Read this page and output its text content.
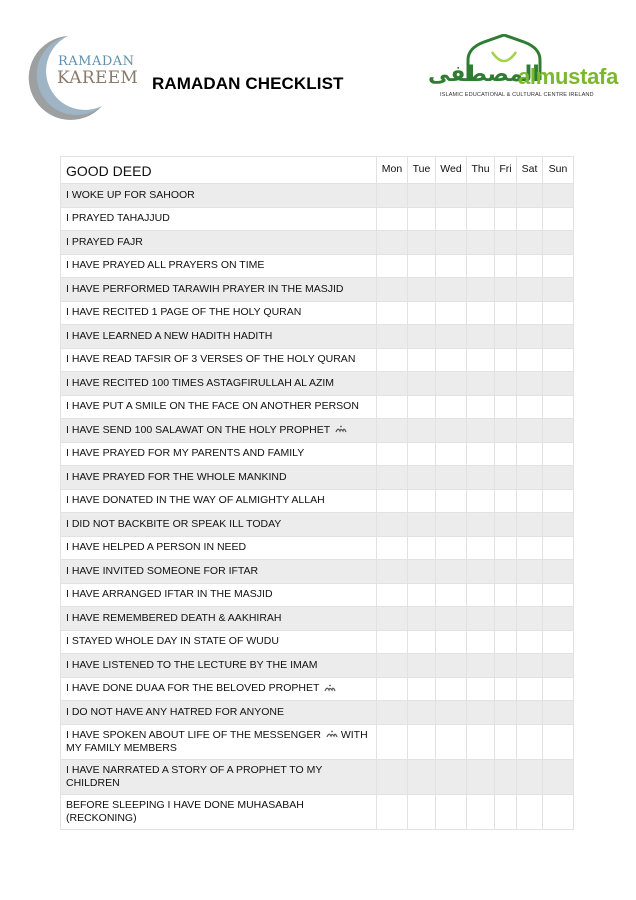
RAMADAN
KAREEM RAMADAN CHECKLIST	المصطفى
almustafa
ISLAMIC EDUCATIONAL & CULTURAL CENTRE IRELAND
GOOD DEED	Mon	Tue	Wed	Thu	Fri	Sat	Sun
I WOKE UP FOR SAHOOR							
I PRAYED TAHAJJUD							
I PRAYED FAJR							
I HAVE PRAYED ALL PRAYERS ON TIME							
I HAVE PERFORMED TARAWIH PRAYER IN THE MASJID							
I HAVE RECITED 1 PAGE OF THE HOLY QURAN							
I HAVE LEARNED A NEW HADITH HADITH							
I HAVE READ TAFSIR OF 3 VERSES OF THE HOLY QURAN							
I HAVE RECITED 100 TIMES ASTAGFIRULLAH AL AZIM							
I HAVE PUT A SMILE ON THE FACE ON ANOTHER PERSON							
I HAVE SEND 100 SALAWAT ON THE HOLY PROPHET							
I HAVE PRAYED FOR MY PARENTS AND FAMILY							
I HAVE PRAYED FOR THE WHOLE MANKIND							
I HAVE DONATED IN THE WAY OF ALMIGHTY ALLAH							
I DID NOT BACKBITE OR SPEAK ILL TODAY							
I HAVE HELPED A PERSON IN NEED							
I HAVE INVITED SOMEONE FOR IFTAR							
I HAVE ARRANGED IFTAR IN THE MASJID							
I HAVE REMEMBERED DEATH & AAKHIRAH							
I STAYED WHOLE DAY IN STATE OF WUDU							
I HAVE LISTENED TO THE LECTURE BY THE IMAM							
I HAVE DONE DUAA FOR THE BELOVED PROPHET							
I DO NOT HAVE ANY HATRED FOR ANYONE							
I HAVE SPOKEN ABOUT LIFE OF THE MESSENGER WITH MY FAMILY MEMBERS							
I HAVE NARRATED A STORY OF A PROPHET TO MY CHILDREN							
BEFORE SLEEPING I HAVE DONE MUHASABAH (RECKONING)							
